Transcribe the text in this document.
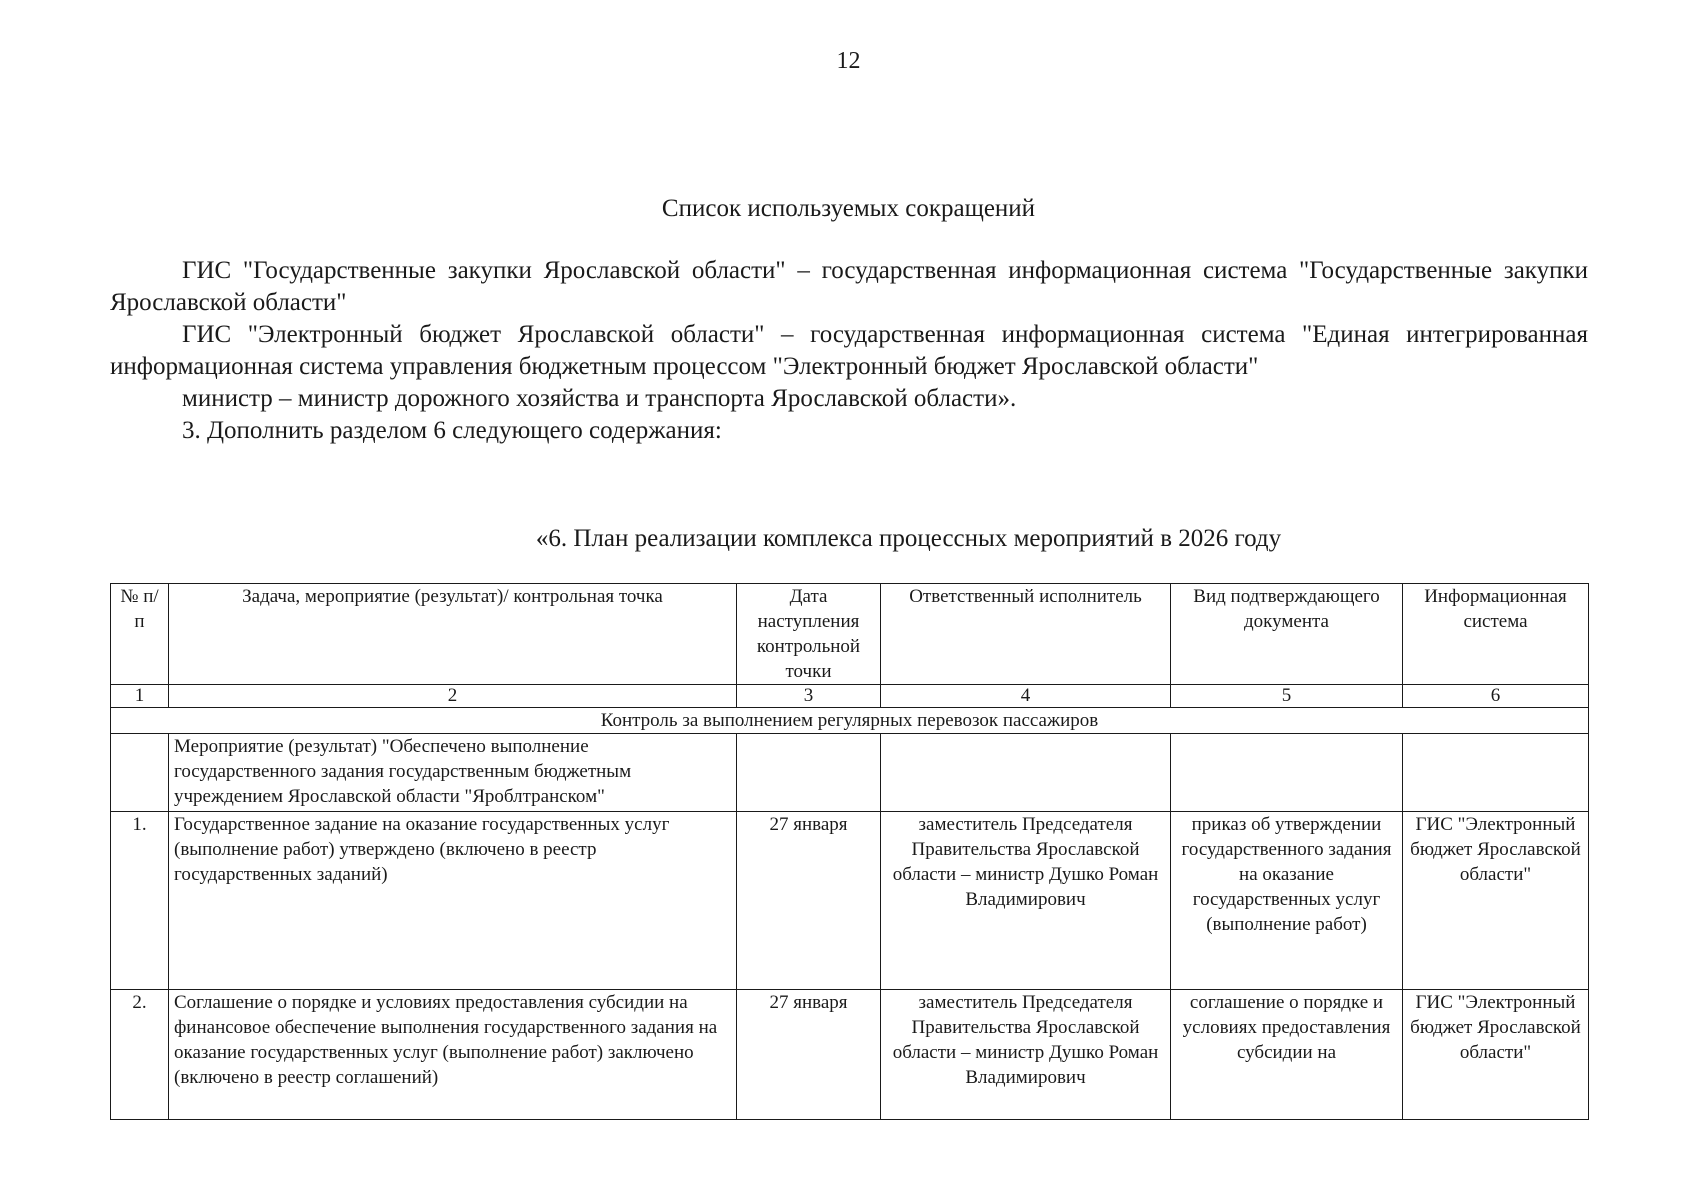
12
Список используемых сокращений

ГИС "Государственные закупки Ярославской области" – государственная информационная система "Государственные закупки Ярославской области"

ГИС "Электронный бюджет Ярославской области" – государственная информационная система "Единая интегрированная информационная система управления бюджетным процессом "Электронный бюджет Ярославской области"

министр – министр дорожного хозяйства и транспорта Ярославской области».

3. Дополнить разделом 6 следующего содержания:

«6. План реализации комплекса процессных мероприятий в 2026 году
№ п/п	Задача, мероприятие (результат)/ контрольная точка	Дата наступления контрольной точки	Ответственный исполнитель	Вид подтверждающего документа	Информационная система
1	2	3	4	5	6
Контроль за выполнением регулярных перевозок пассажиров					
	Мероприятие (результат) "Обеспечено выполнение государственного задания государственным бюджетным учреждением Ярославской области "Яроблтранском"				
1.	Государственное задание на оказание государственных услуг (выполнение работ) утверждено (включено в реестр государственных заданий)	27 января	заместитель Председателя Правительства Ярославской области – министр Душко Роман Владимирович	приказ об утверждении государственного задания на оказание государственных услуг (выполнение работ)	ГИС "Электронный бюджет Ярославской области"
2.	Соглашение о порядке и условиях предоставления субсидии на финансовое обеспечение выполнения государственного задания на оказание государственных услуг (выполнение работ) заключено (включено в реестр соглашений)	27 января	заместитель Председателя Правительства Ярославской области – министр Душко Роман Владимирович	соглашение о порядке и условиях предоставления субсидии на	ГИС "Электронный бюджет Ярославской области"
